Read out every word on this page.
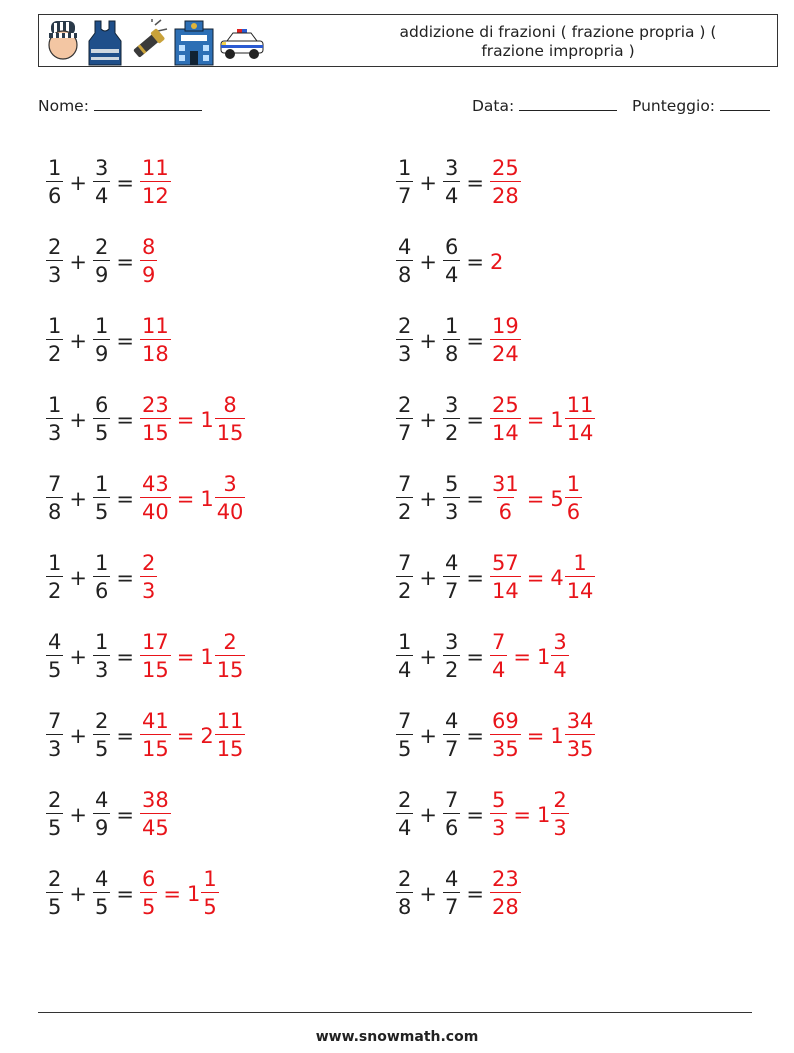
addizione di frazioni ( frazione propria ) ( frazione impropria )
Nome:	Data:	Punteggio:
$\frac{1}{6} + \frac{3}{4} = \frac{11}{12}$
$\frac{2}{3} + \frac{2}{9} = \frac{8}{9}$
$\frac{1}{2} + \frac{1}{9} = \frac{11}{18}$
$\frac{1}{3} + \frac{6}{5} = \frac{23}{15} = 1 \frac{8}{15}$
$\frac{7}{8} + \frac{1}{5} = \frac{43}{40} = 1 \frac{3}{40}$
$\frac{1}{2} + \frac{1}{6} = \frac{2}{3}$
$\frac{4}{5} + \frac{1}{3} = \frac{17}{15} = 1 \frac{2}{15}$
$\frac{7}{3} + \frac{2}{5} = \frac{41}{15} = 2 \frac{11}{15}$
$\frac{2}{5} + \frac{4}{9} = \frac{38}{45}$
$\frac{2}{5} + \frac{4}{5} = \frac{6}{5} = 1 \frac{1}{5}$
$\frac{1}{7} + \frac{3}{4} = \frac{25}{28}$
$\frac{4}{8} + \frac{6}{4} = 2$
$\frac{2}{3} + \frac{1}{8} = \frac{19}{24}$
$\frac{2}{7} + \frac{3}{2} = \frac{25}{14} = 1 \frac{11}{14}$
$\frac{7}{2} + \frac{5}{3} = \frac{31}{6} = 5 \frac{1}{6}$
$\frac{7}{2} + \frac{4}{7} = \frac{57}{14} = 4 \frac{1}{14}$
$\frac{1}{4} + \frac{3}{2} = \frac{7}{4} = 1 \frac{3}{4}$
$\frac{7}{5} + \frac{4}{7} = \frac{69}{35} = 1 \frac{34}{35}$
$\frac{2}{4} + \frac{7}{6} = \frac{5}{3} = 1 \frac{2}{3}$
$\frac{2}{8} + \frac{4}{7} = \frac{23}{28}$
www.snowmath.com
